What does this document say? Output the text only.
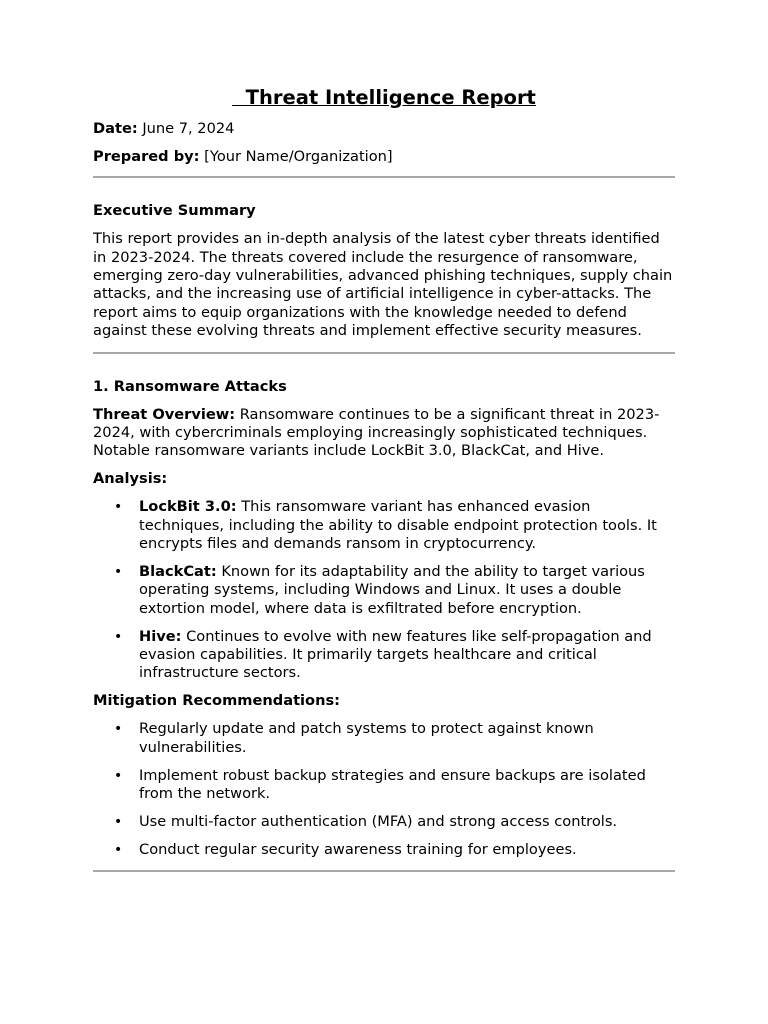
Threat Intelligence Report
Date: June 7, 2024
Prepared by: [Your Name/Organization]
Executive Summary
This report provides an in-depth analysis of the latest cyber threats identified in 2023-2024. The threats covered include the resurgence of ransomware, emerging zero-day vulnerabilities, advanced phishing techniques, supply chain attacks, and the increasing use of artificial intelligence in cyber-attacks. The report aims to equip organizations with the knowledge needed to defend against these evolving threats and implement effective security measures.
1. Ransomware Attacks
Threat Overview: Ransomware continues to be a significant threat in 2023-2024, with cybercriminals employing increasingly sophisticated techniques. Notable ransomware variants include LockBit 3.0, BlackCat, and Hive.
Analysis:
• LockBit 3.0: This ransomware variant has enhanced evasion techniques, including the ability to disable endpoint protection tools. It encrypts files and demands ransom in cryptocurrency.
• BlackCat: Known for its adaptability and the ability to target various operating systems, including Windows and Linux. It uses a double extortion model, where data is exfiltrated before encryption.
• Hive: Continues to evolve with new features like self-propagation and evasion capabilities. It primarily targets healthcare and critical infrastructure sectors.
Mitigation Recommendations:
• Regularly update and patch systems to protect against known vulnerabilities.
• Implement robust backup strategies and ensure backups are isolated from the network.
• Use multi-factor authentication (MFA) and strong access controls.
• Conduct regular security awareness training for employees.
